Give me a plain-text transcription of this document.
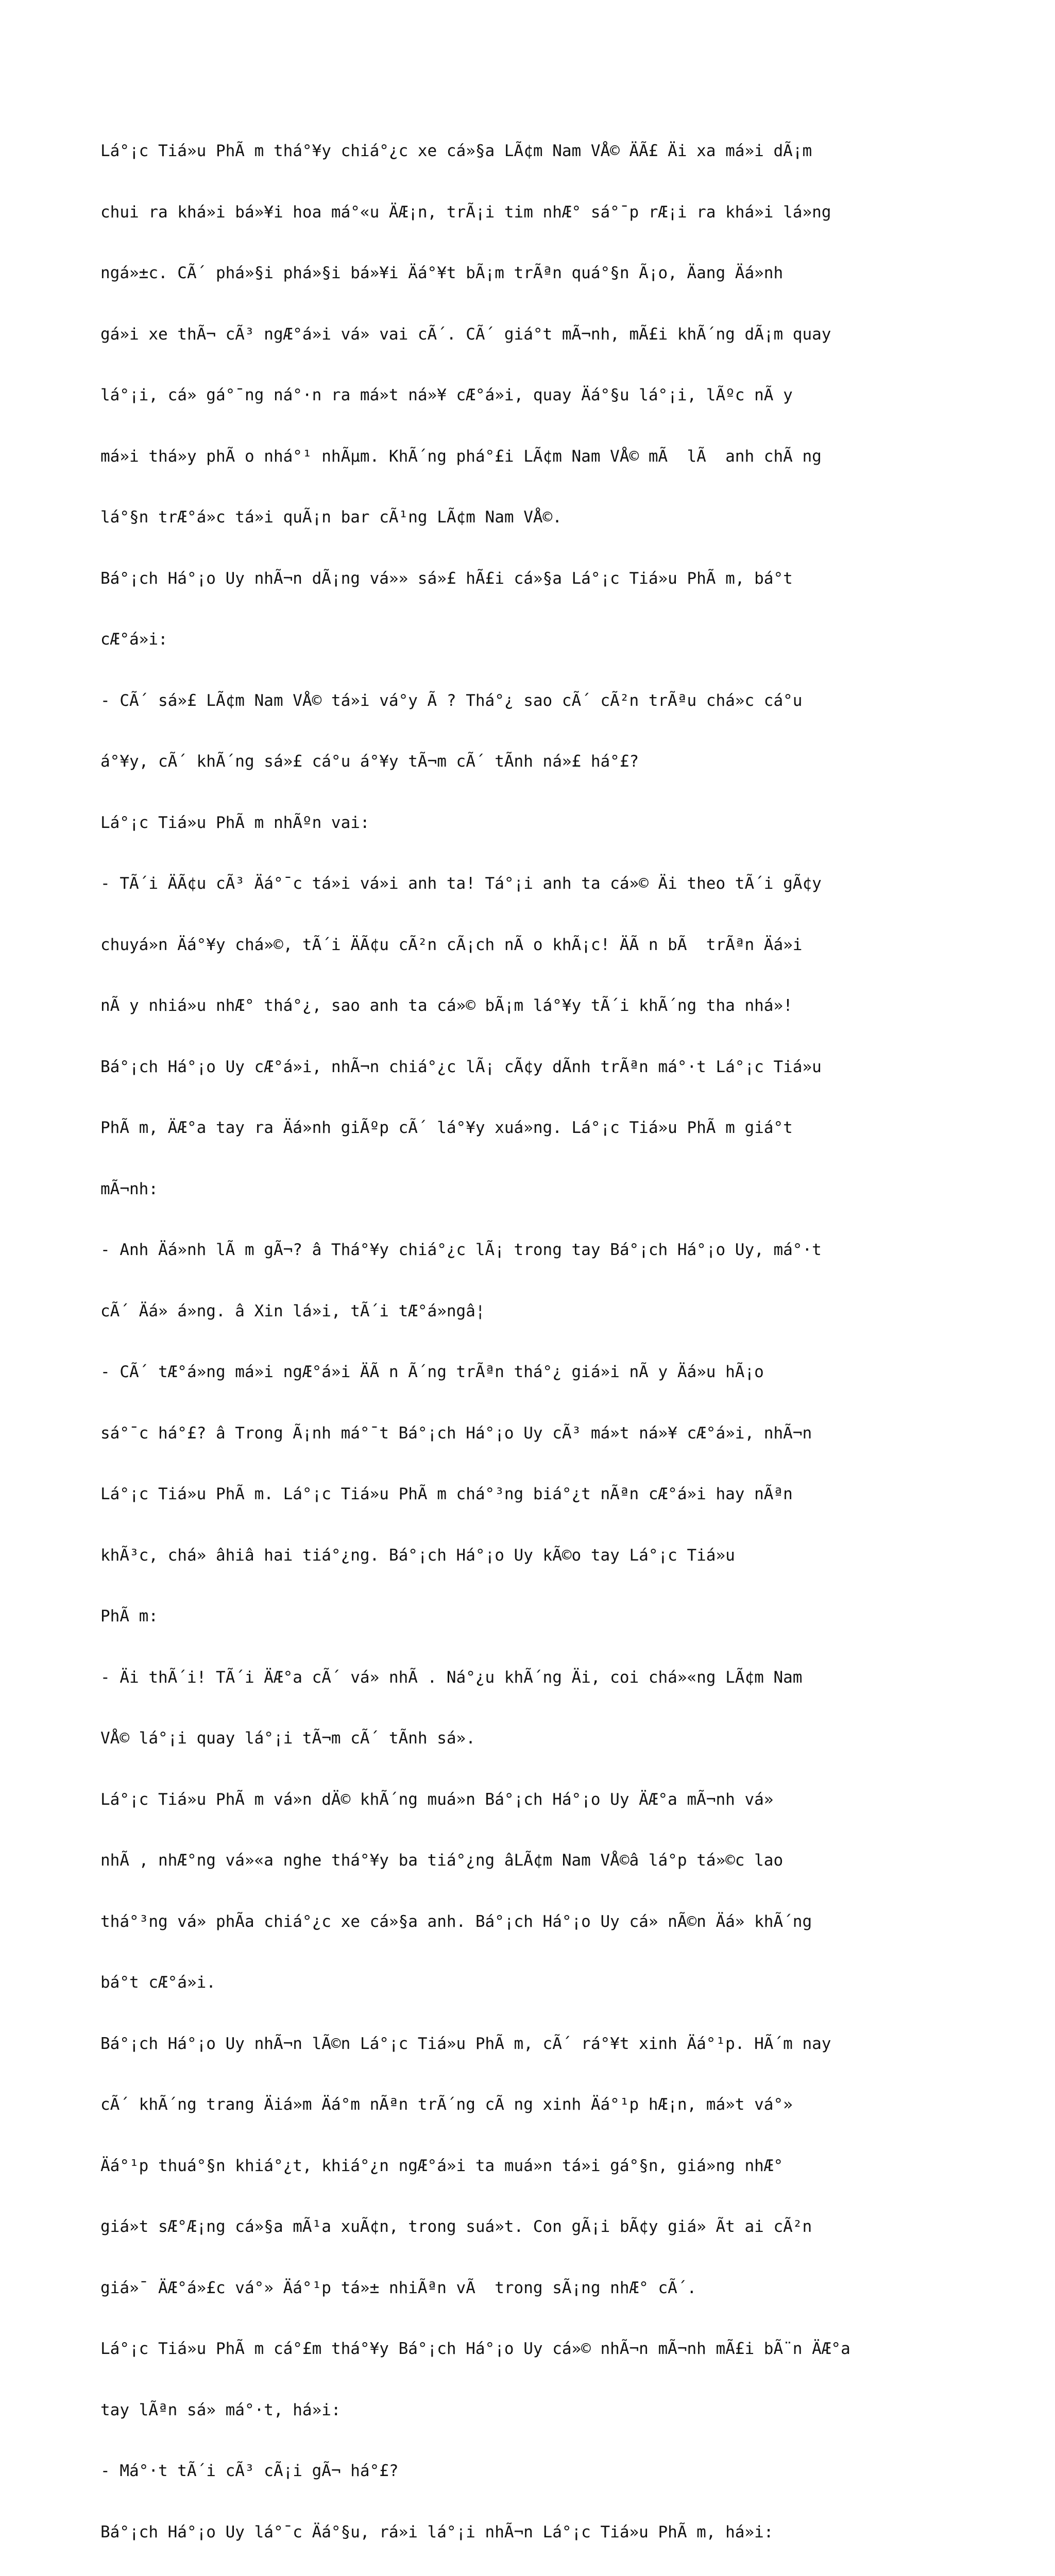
Lá°¡c Tiá»u PhÃ m thá°¥y chiá°¿c xe cá»§a LÃ¢m Nam VÅ© ÄÃ£ Äi xa má»i dÃ¡m

chui ra khá»i bá»¥i hoa má°«u ÄÆ¡n, trÃ¡i tim nhÆ° sá°¯p rÆ¡i ra khá»i lá»ng

ngá»±c. CÃ´ phá»§i phá»§i bá»¥i Äá°¥t bÃ¡m trÃªn quá°§n Ã¡o, Äang Äá»nh

gá»i xe thÃ¬ cÃ³ ngÆ°á»i vá» vai cÃ´. CÃ´ giá°t mÃ¬nh, mÃ£i khÃ´ng dÃ¡m quay

lá°¡i, cá» gá°¯ng ná°·n ra má»t ná»¥ cÆ°á»i, quay Äá°§u lá°¡i, lÃºc nÃ y

má»i thá»y phÃ o nhá°¹ nhÃµm. KhÃ´ng phá°£i LÃ¢m Nam VÅ© mÃ  lÃ  anh chÃ ng

lá°§n trÆ°á»c tá»i quÃ¡n bar cÃ¹ng LÃ¢m Nam VÅ©.

Bá°¡ch Há°¡o Uy nhÃ¬n dÃ¡ng vá»» sá»£ hÃ£i cá»§a Lá°¡c Tiá»u PhÃ m, bá°t

cÆ°á»i:

- CÃ´ sá»£ LÃ¢m Nam VÅ© tá»i vá°y Ã ? Thá°¿ sao cÃ´ cÃ²n trÃªu chá»c cá°u

á°¥y, cÃ´ khÃ´ng sá»£ cá°u á°¥y tÃ¬m cÃ´ tÃnh ná»£ há°£?

Lá°¡c Tiá»u PhÃ m nhÃºn vai:

- TÃ´i ÄÃ¢u cÃ³ Äá°¯c tá»i vá»i anh ta! Tá°¡i anh ta cá»© Äi theo tÃ´i gÃ¢y

chuyá»n Äá°¥y chá»©, tÃ´i ÄÃ¢u cÃ²n cÃ¡ch nÃ o khÃ¡c! ÄÃ n bÃ  trÃªn Äá»i

nÃ y nhiá»u nhÆ° thá°¿, sao anh ta cá»© bÃ¡m lá°¥y tÃ´i khÃ´ng tha nhá»!

Bá°¡ch Há°¡o Uy cÆ°á»i, nhÃ¬n chiá°¿c lÃ¡ cÃ¢y dÃnh trÃªn má°·t Lá°¡c Tiá»u

PhÃ m, ÄÆ°a tay ra Äá»nh giÃºp cÃ´ lá°¥y xuá»ng. Lá°¡c Tiá»u PhÃ m giá°t

mÃ¬nh:

- Anh Äá»nh lÃ m gÃ¬? â Thá°¥y chiá°¿c lÃ¡ trong tay Bá°¡ch Há°¡o Uy, má°·t

cÃ´ Äá» á»ng. â Xin lá»i, tÃ´i tÆ°á»ngâ¦

- CÃ´ tÆ°á»ng má»i ngÆ°á»i ÄÃ n Ã´ng trÃªn thá°¿ giá»i nÃ y Äá»u hÃ¡o

sá°¯c há°£? â Trong Ã¡nh má°¯t Bá°¡ch Há°¡o Uy cÃ³ má»t ná»¥ cÆ°á»i, nhÃ¬n

Lá°¡c Tiá»u PhÃ m. Lá°¡c Tiá»u PhÃ m chá°³ng biá°¿t nÃªn cÆ°á»i hay nÃªn

khÃ³c, chá» âhiâ hai tiá°¿ng. Bá°¡ch Há°¡o Uy kÃ©o tay Lá°¡c Tiá»u

PhÃ m:

- Äi thÃ´i! TÃ´i ÄÆ°a cÃ´ vá» nhÃ . Ná°¿u khÃ´ng Äi, coi chá»«ng LÃ¢m Nam

VÅ© lá°¡i quay lá°¡i tÃ¬m cÃ´ tÃnh sá».

Lá°¡c Tiá»u PhÃ m vá»n dÄ© khÃ´ng muá»n Bá°¡ch Há°¡o Uy ÄÆ°a mÃ¬nh vá»

nhÃ , nhÆ°ng vá»«a nghe thá°¥y ba tiá°¿ng âLÃ¢m Nam VÅ©â lá°p tá»©c lao

thá°³ng vá» phÃa chiá°¿c xe cá»§a anh. Bá°¡ch Há°¡o Uy cá» nÃ©n Äá» khÃ´ng

bá°t cÆ°á»i.

Bá°¡ch Há°¡o Uy nhÃ¬n lÃ©n Lá°¡c Tiá»u PhÃ m, cÃ´ rá°¥t xinh Äá°¹p. HÃ´m nay

cÃ´ khÃ´ng trang Äiá»m Äá°m nÃªn trÃ´ng cÃ ng xinh Äá°¹p hÆ¡n, má»t vá°»

Äá°¹p thuá°§n khiá°¿t, khiá°¿n ngÆ°á»i ta muá»n tá»i gá°§n, giá»ng nhÆ°

giá»t sÆ°Æ¡ng cá»§a mÃ¹a xuÃ¢n, trong suá»t. Con gÃ¡i bÃ¢y giá» Ãt ai cÃ²n

giá»¯ ÄÆ°á»£c vá°» Äá°¹p tá»± nhiÃªn vÃ  trong sÃ¡ng nhÆ° cÃ´.

Lá°¡c Tiá»u PhÃ m cá°£m thá°¥y Bá°¡ch Há°¡o Uy cá»© nhÃ¬n mÃ¬nh mÃ£i bÃ¨n ÄÆ°a

tay lÃªn sá» má°·t, há»i:

- Má°·t tÃ´i cÃ³ cÃ¡i gÃ¬ há°£?

Bá°¡ch Há°¡o Uy lá°¯c Äá°§u, rá»i lá°¡i nhÃ¬n Lá°¡c Tiá»u PhÃ m, há»i:
